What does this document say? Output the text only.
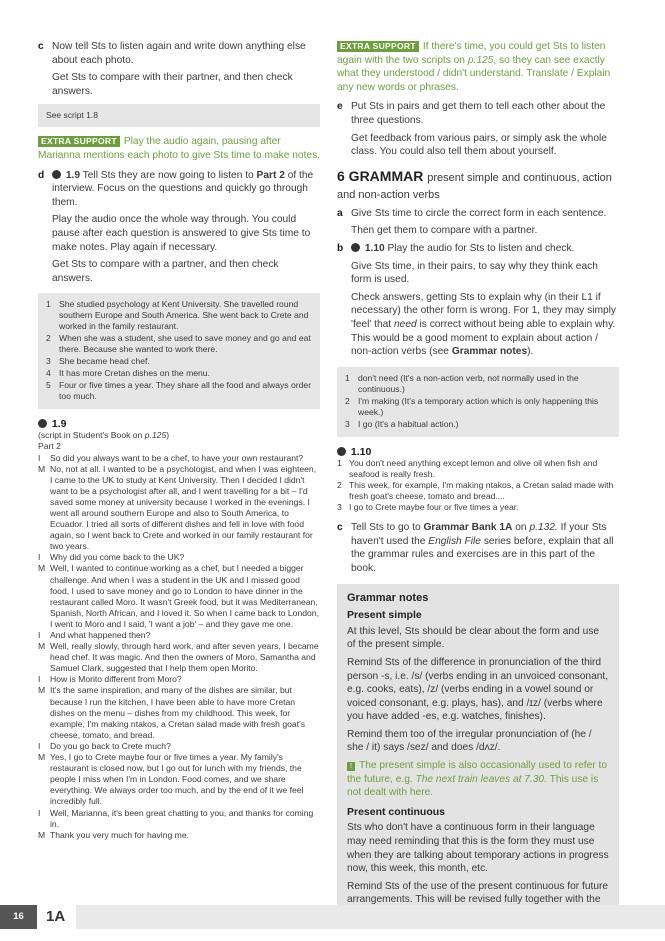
c Now tell Sts to listen again and write down anything else about each photo.

Get Sts to compare with their partner, and then check answers.

See script 1.8

EXTRA SUPPORT Play the audio again, pausing after Marianna mentions each photo to give Sts time to make notes.

d	1.9 Tell Sts they are now going to listen to Part 2 of the interview. Focus on the questions and quickly go through them.

Play the audio once the whole way through. You could pause after each question is answered to give Sts time to make notes. Play again if necessary.

Get Sts to compare with a partner, and then check answers.

1 She studied psychology at Kent University. She travelled round southern Europe and South America. She went back to Crete and worked in the family restaurant.
2 When she was a student, she used to save money and go and eat there. Because she wanted to work there.
3 She became head chef.
4 It has more Cretan dishes on the menu.
5 Four or five times a year. They share all the food and always order too much.
1.9

(script in Student's Book on p.125)

Part 2

I So did you always want to be a chef, to have your own restaurant?
M No, not at all. I wanted to be a psychologist, and when I was eighteen, I came to the UK to study at Kent University. Then I decided I didn't want to be a psychologist after all, and I went travelling for a bit – I'd saved some money at university because I worked in the evenings. I went all around southern Europe and also to South America, to Ecuador. I tried all sorts of different dishes and fell in love with food again, so I went back to Crete and worked in our family restaurant for two years.
I Why did you come back to the UK?
M Well, I wanted to continue working as a chef, but I needed a bigger challenge. And when I was a student in the UK and I missed good food, I used to save money and go to London to have dinner in the restaurant called Moro. It wasn't Greek food, but it was Mediterranean, Spanish, North African, and I loved it. So when I came back to London, I went to Moro and I said, 'I want a job' – and they gave me one.
I And what happened then?
M Well, really slowly, through hard work, and after seven years, I became head chef. It was magic. And then the owners of Moro, Samantha and Samuel Clark, suggested that I help them open Morito.
I How is Morito different from Moro?
M It's the same inspiration, and many of the dishes are similar, but because I run the kitchen, I have been able to have more Cretan dishes on the menu – dishes from my childhood. This week, for example, I'm making ntakos, a Cretan salad made with fresh goat's cheese, tomato, and bread.
I Do you go back to Crete much?
M Yes, I go to Crete maybe four or five times a year. My family's restaurant is closed now, but I go out for lunch with my friends, the people I miss when I'm in London. Food comes, and we share everything. We always order too much, and by the end of it we feel incredibly full.
I Well, Marianna, it's been great chatting to you, and thanks for coming in.
M Thank you very much for having me.

EXTRA SUPPORT If there's time, you could get Sts to listen again with the two scripts on p.125, so they can see exactly what they understood / didn't understand. Translate / Explain any new words or phrases.

e Put Sts in pairs and get them to tell each other about the three questions.

Get feedback from various pairs, or simply ask the whole class. You could also tell them about yourself.

6 GRAMMAR present simple and continuous, action and non-action verbs
a Give Sts time to circle the correct form in each sentence.

Then get them to compare with a partner.

b	1.10 Play the audio for Sts to listen and check.

Give Sts time, in their pairs, to say why they think each form is used.

Check answers, getting Sts to explain why (in their L1 if necessary) the other form is wrong. For 1, they may simply 'feel' that need is correct without being able to explain why. This would be a good moment to explain about action / non-action verbs (see Grammar notes).

1 don't need (It's a non-action verb, not normally used in the continuous.)
2 I'm making (It's a temporary action which is only happening this week.)
3 I go (It's a habitual action.)
1.10
1 You don't need anything except lemon and olive oil when fish and seafood is really fresh.
2 This week, for example, I'm making ntakos, a Cretan salad made with fresh goat's cheese, tomato and bread....
3 I go to Crete maybe four or five times a year.
c Tell Sts to go to Grammar Bank 1A on p.132. If your Sts haven't used the English File series before, explain that all the grammar rules and exercises are in this part of the book.

Grammar notes
Present simple

At this level, Sts should be clear about the form and use of the present simple.

Remind Sts of the difference in pronunciation of the third person -s, i.e. /s/ (verbs ending in an unvoiced consonant, e.g. cooks, eats), /z/ (verbs ending in a vowel sound or voiced consonant, e.g. plays, has), and /ɪz/ (verbs where you have added -es, e.g. watches, finishes).

Remind them too of the irregular pronunciation of (he / she / it) says /sez/ and does /dʌz/.

! The present simple is also occasionally used to refer to the future, e.g. The next train leaves at 7.30. This use is not dealt with here.

Present continuous

Sts who don't have a continuous form in their language may need reminding that this is the form they must use when they are talking about temporary actions in progress now, this week, this month, etc.

Remind Sts of the use of the present continuous for future arrangements. This will be revised fully together with the

16	1A
